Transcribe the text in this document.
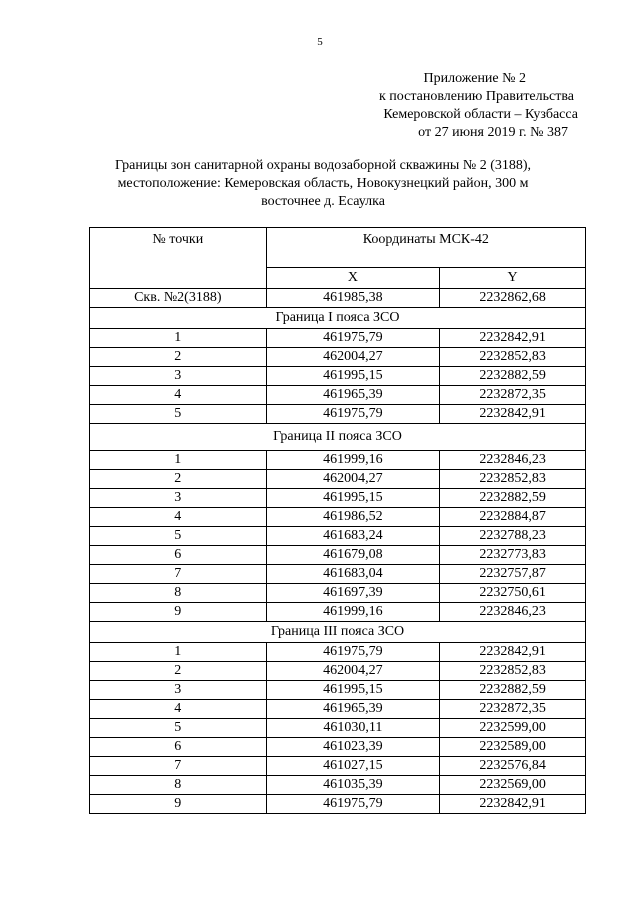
5
Приложение № 2
к постановлению Правительства
Кемеровской области – Кузбасса
от 27 июня 2019 г. № 387
Границы зон санитарной охраны водозаборной скважины № 2 (3188),
местоположение: Кемеровская область, Новокузнецкий район, 300 м
восточнее д. Есаулка
№ точки	Координаты МСК-42	
	X	Y
Скв. №2(3188)	461985,38	2232862,68
Граница I пояса ЗСО		
1	461975,79	2232842,91
2	462004,27	2232852,83
3	461995,15	2232882,59
4	461965,39	2232872,35
5	461975,79	2232842,91
Граница II пояса ЗСО		
1	461999,16	2232846,23
2	462004,27	2232852,83
3	461995,15	2232882,59
4	461986,52	2232884,87
5	461683,24	2232788,23
6	461679,08	2232773,83
7	461683,04	2232757,87
8	461697,39	2232750,61
9	461999,16	2232846,23
Граница III пояса ЗСО		
1	461975,79	2232842,91
2	462004,27	2232852,83
3	461995,15	2232882,59
4	461965,39	2232872,35
5	461030,11	2232599,00
6	461023,39	2232589,00
7	461027,15	2232576,84
8	461035,39	2232569,00
9	461975,79	2232842,91
